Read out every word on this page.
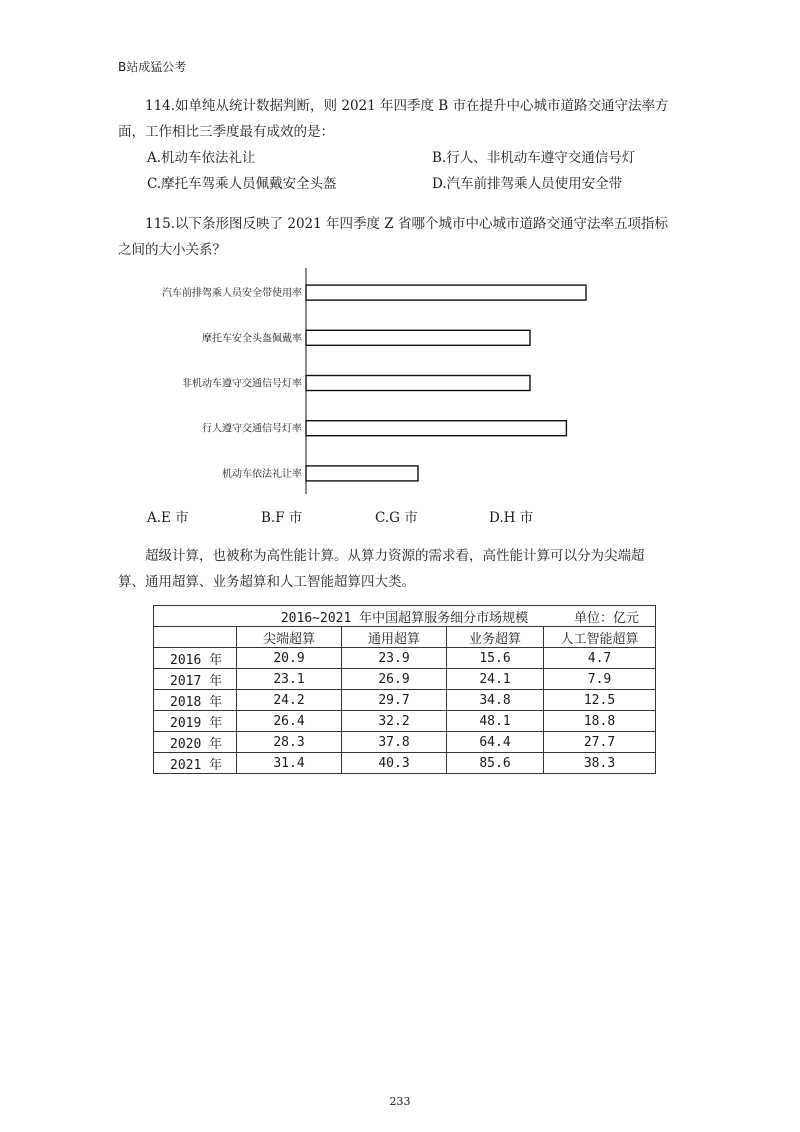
B站成猛公考
114.如单纯从统计数据判断，则 2021 年四季度 B 市在提升中心城市道路交通守法率方
面，工作相比三季度最有成效的是：
A.机动车依法礼让	B.行人、非机动车遵守交通信号灯
C.摩托车驾乘人员佩戴安全头盔	D.汽车前排驾乘人员使用安全带
115.以下条形图反映了 2021 年四季度 Z 省哪个城市中心城市道路交通守法率五项指标
之间的大小关系？
汽车前排驾乘人员安全带使用率
摩托车安全头盔佩戴率
非机动车遵守交通信号灯率
行人遵守交通信号灯率
机动车依法礼让率
A.E 市	B.F 市	C.G 市	D.H 市
超级计算，也被称为高性能计算。从算力资源的需求看，高性能计算可以分为尖端超
算、通用超算、业务超算和人工智能超算四大类。
2016~2021 年中国超算服务细分市场规模 单位：亿元				

	尖端超算	通用超算	业务超算	人工智能超算
2016 年	20.9	23.9	15.6	4.7
2017 年	23.1	26.9	24.1	7.9
2018 年	24.2	29.7	34.8	12.5
2019 年	26.4	32.2	48.1	18.8
2020 年	28.3	37.8	64.4	27.7
2021 年	31.4	40.3	85.6	38.3
233
